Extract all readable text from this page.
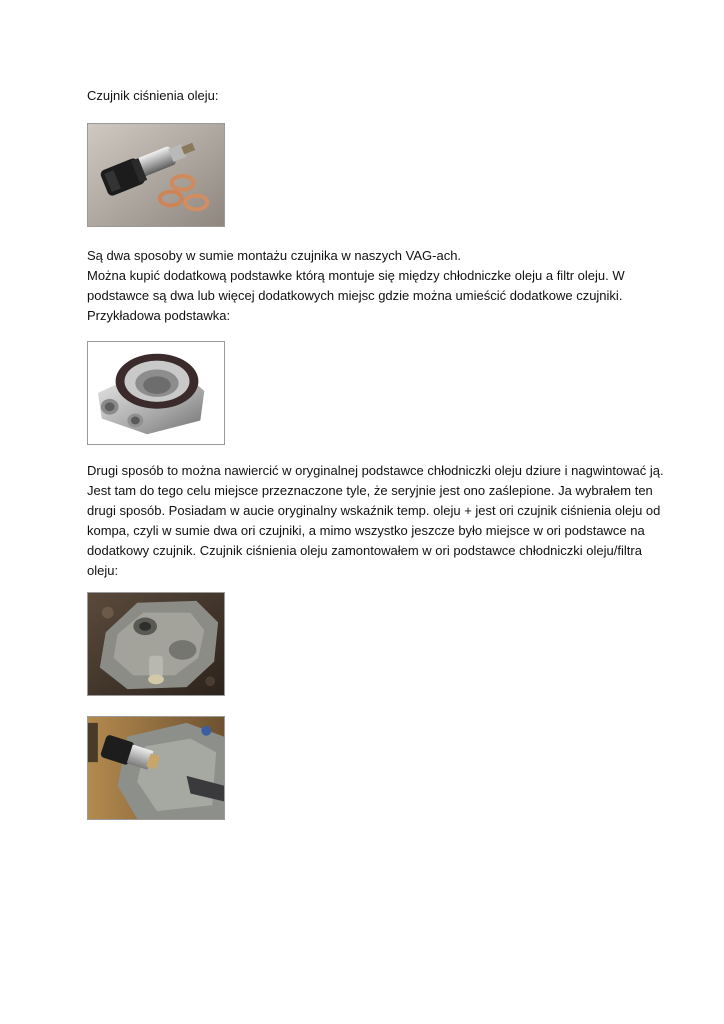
Czujnik ciśnienia oleju:

Są dwa sposoby w sumie montażu czujnika w naszych VAG-ach.
Można kupić dodatkową podstawke którą montuje się między chłodniczke oleju a filtr oleju. W
podstawce są dwa lub więcej dodatkowych miejsc gdzie można umieścić dodatkowe czujniki.
Przykładowa podstawka:

Drugi sposób to można nawiercić w oryginalnej podstawce chłodniczki oleju dziure i nagwintować ją.
Jest tam do tego celu miejsce przeznaczone tyle, że seryjnie jest ono zaślepione. Ja wybrałem ten
drugi sposób. Posiadam w aucie oryginalny wskaźnik temp. oleju + jest ori czujnik ciśnienia oleju od
kompa, czyli w sumie dwa ori czujniki, a mimo wszystko jeszcze było miejsce w ori podstawce na
dodatkowy czujnik. Czujnik ciśnienia oleju zamontowałem w ori podstawce chłodniczki oleju/filtra
oleju:
